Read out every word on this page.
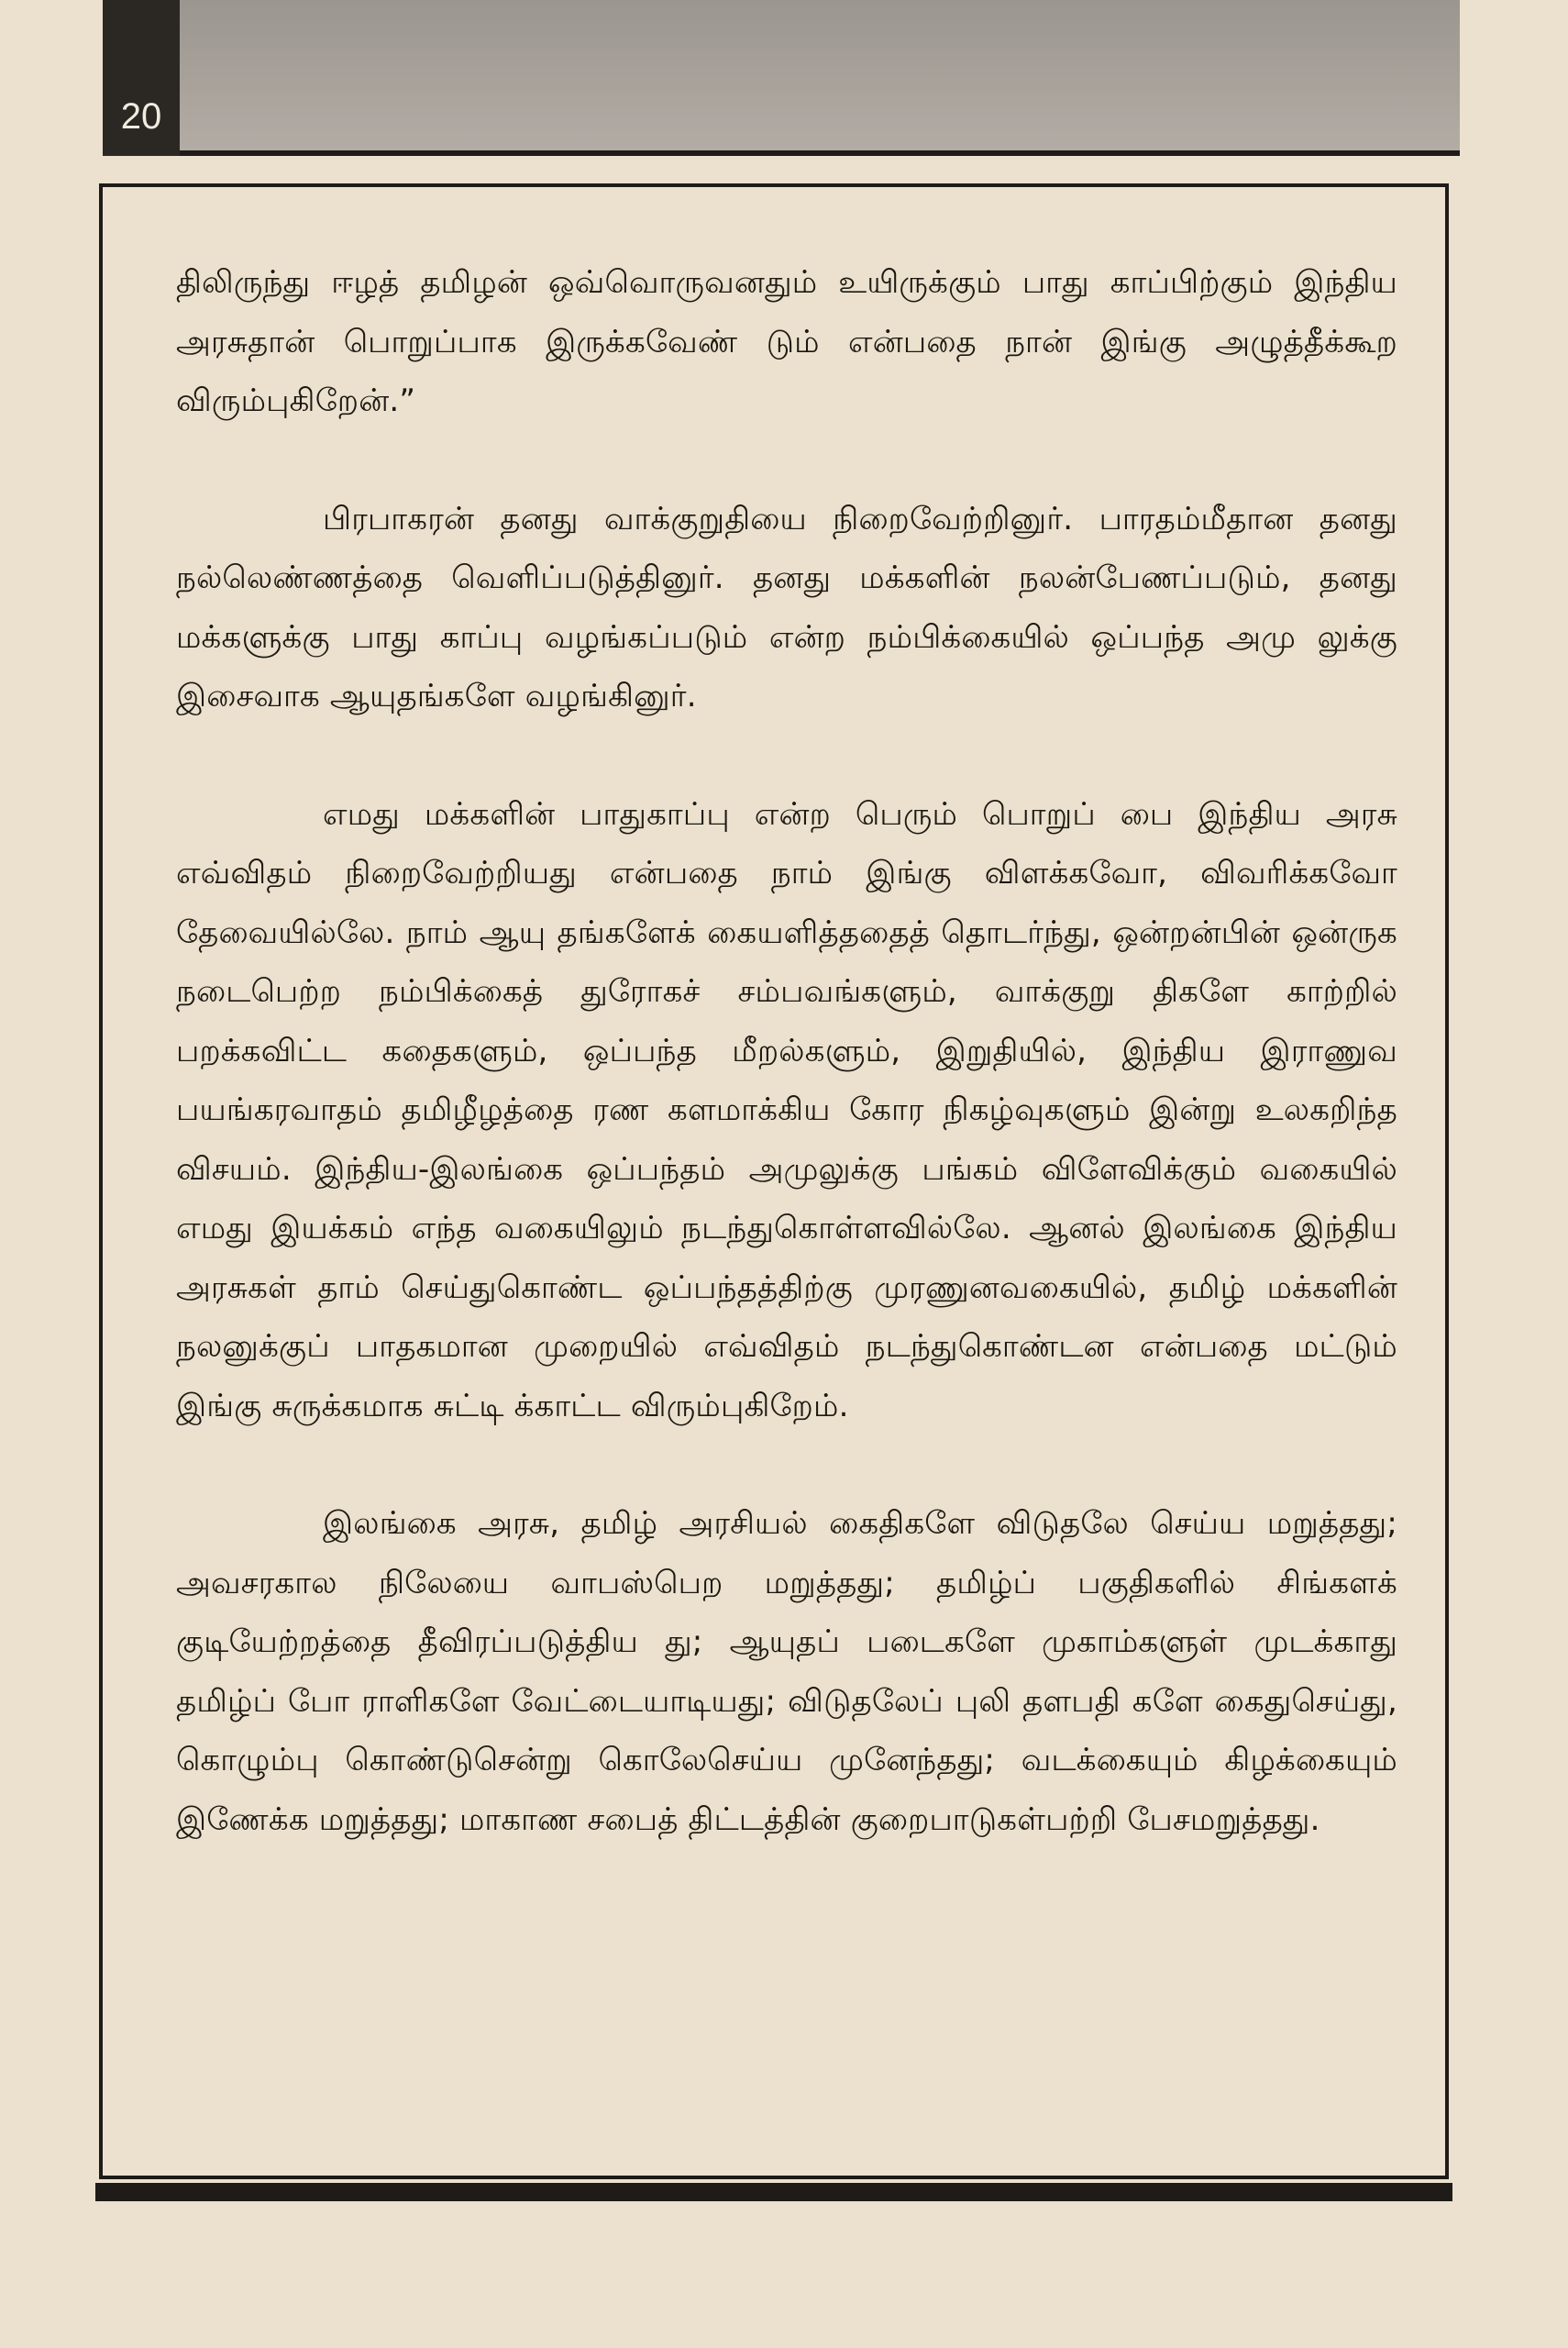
20

திலிருந்து ஈழத் தமிழன் ஒவ்வொருவனதும் உயிருக்கும் பாது காப்பிற்கும் இந்திய அரசுதான் பொறுப்பாக இருக்கவேண் டும் என்பதை நான் இங்கு அழுத்தீக்கூற விரும்புகிறேன்.”

பிரபாகரன் தனது வாக்குறுதியை நிறைவேற்றினுர். பாரதம்மீதான தனது நல்லெண்ணத்தை வெளிப்படுத்தினுர். தனது மக்களின் நலன்பேணப்படும், தனது மக்களுக்கு பாது காப்பு வழங்கப்படும் என்ற நம்பிக்கையில் ஒப்பந்த அமு லுக்கு இசைவாக ஆயுதங்களே வழங்கினுர்.

எமது மக்களின் பாதுகாப்பு என்ற பெரும் பொறுப் பை இந்திய அரசு எவ்விதம் நிறைவேற்றியது என்பதை நாம் இங்கு விளக்கவோ, விவரிக்கவோ தேவையில்லே. நாம் ஆயு தங்களேக் கையளித்ததைத் தொடர்ந்து, ஒன்றன்பின் ஒன்ருக நடைபெற்ற நம்பிக்கைத் துரோகச் சம்பவங்களும், வாக்குறு திகளே காற்றில் பறக்கவிட்ட கதைகளும், ஒப்பந்த மீறல்களும், இறுதியில், இந்திய இராணுவ பயங்கரவாதம் தமிழீழத்தை ரண களமாக்கிய கோர நிகழ்வுகளும் இன்று உலகறிந்த விசயம். இந்திய-இலங்கை ஒப்பந்தம் அமுலுக்கு பங்கம் விளேவிக்கும் வகையில் எமது இயக்கம் எந்த வகையிலும் நடந்துகொள்ளவில்லே. ஆனல் இலங்கை இந்திய அரசுகள் தாம் செய்துகொண்ட ஒப்பந்தத்திற்கு முரணுனவகையில், தமிழ் மக்களின் நலனுக்குப் பாதகமான முறையில் எவ்விதம் நடந்துகொண்டன என்பதை மட்டும் இங்கு சுருக்கமாக சுட்டி க்காட்ட விரும்புகிறேம்.

இலங்கை அரசு, தமிழ் அரசியல் கைதிகளே விடுதலே செய்ய மறுத்தது; அவசரகால நிலேயை வாபஸ்பெற மறுத்தது; தமிழ்ப் பகுதிகளில் சிங்களக் குடியேற்றத்தை தீவிரப்படுத்திய து; ஆயுதப் படைகளே முகாம்களுள் முடக்காது தமிழ்ப் போ ராளிகளே வேட்டையாடியது; விடுதலேப் புலி தளபதி களே கைதுசெய்து, கொழும்பு கொண்டுசென்று கொலேசெய்ய முனேந்தது; வடக்கையும் கிழக்கையும் இணேக்க மறுத்தது; மாகாண சபைத் திட்டத்தின் குறைபாடுகள்பற்றி பேசமறுத்தது.
